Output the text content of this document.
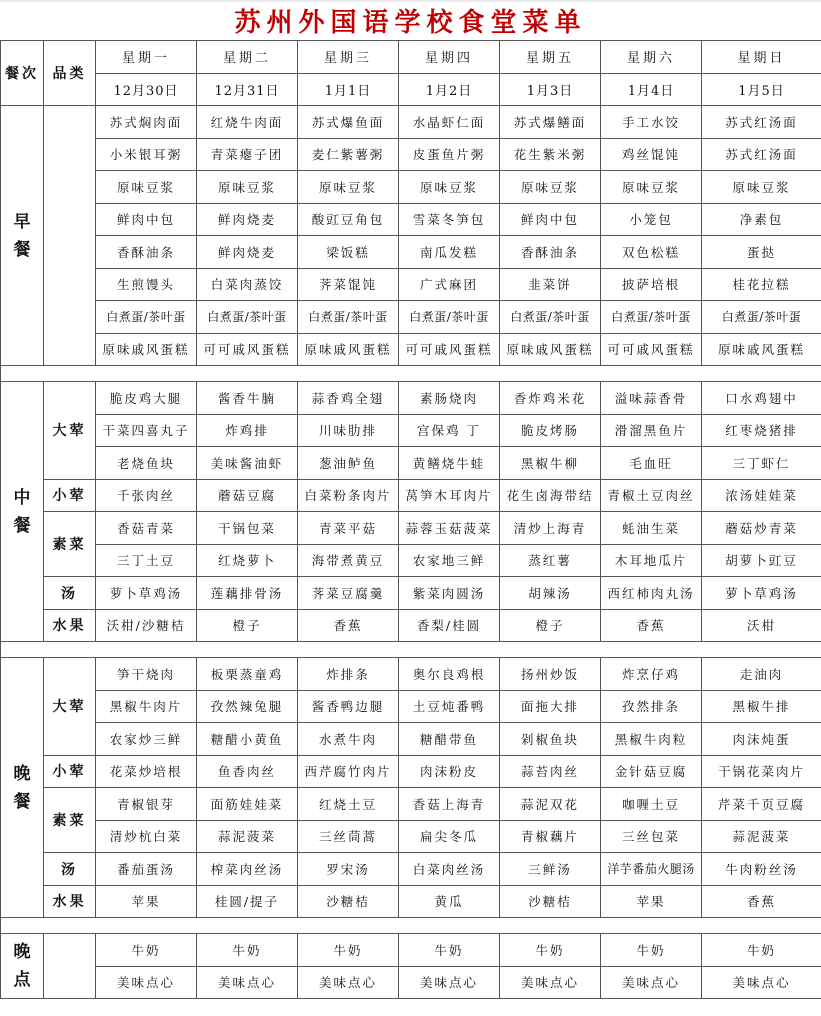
苏州外国语学校食堂菜单
餐次	品类	星期一	星期二	星期三	星期四	星期五	星期六	星期日
		12月30日	12月31日	1月1日	1月2日	1月3日	1月4日	1月5日
早
餐		苏式焖肉面	红烧牛肉面	苏式爆鱼面	水晶虾仁面	苏式爆鳝面	手工水饺	苏式红汤面
		小米银耳粥	青菜瘪子团	麦仁紫薯粥	皮蛋鱼片粥	花生紫米粥	鸡丝馄饨	苏式红汤面
		原味豆浆	原味豆浆	原味豆浆	原味豆浆	原味豆浆	原味豆浆	原味豆浆
		鲜肉中包	鲜肉烧麦	酸豇豆角包	雪菜冬笋包	鲜肉中包	小笼包	净素包
		香酥油条	鲜肉烧麦	梁饭糕	南瓜发糕	香酥油条	双色松糕	蛋挞
		生煎馒头	白菜肉蒸饺	荠菜馄饨	广式麻团	韭菜饼	披萨培根	桂花拉糕
		白煮蛋/茶叶蛋	白煮蛋/茶叶蛋	白煮蛋/茶叶蛋	白煮蛋/茶叶蛋	白煮蛋/茶叶蛋	白煮蛋/茶叶蛋	白煮蛋/茶叶蛋
		原味戚风蛋糕	可可戚风蛋糕	原味戚风蛋糕	可可戚风蛋糕	原味戚风蛋糕	可可戚风蛋糕	原味戚风蛋糕

中
餐	大荤	脆皮鸡大腿	酱香牛腩	蒜香鸡全翅	素肠烧肉	香炸鸡米花	溢味蒜香骨	口水鸡翅中
		干菜四喜丸子	炸鸡排	川味肋排	宫保鸡 丁	脆皮烤肠	滑溜黑鱼片	红枣烧猪排
		老烧鱼块	美味酱油虾	葱油鲈鱼	黄鳝烧牛蛙	黑椒牛柳	毛血旺	三丁虾仁
	小荤	千张肉丝	蘑菇豆腐	白菜粉条肉片	莴笋木耳肉片	花生卤海带结	青椒土豆肉丝	浓汤娃娃菜
	素菜	香菇青菜	干锅包菜	青菜平菇	蒜蓉玉菇菠菜	清炒上海青	蚝油生菜	蘑菇炒青菜
		三丁土豆	红烧萝卜	海带煮黄豆	农家地三鲜	蒸红薯	木耳地瓜片	胡萝卜豇豆
	汤	萝卜草鸡汤	莲藕排骨汤	荠菜豆腐羹	紫菜肉圆汤	胡辣汤	西红柿肉丸汤	萝卜草鸡汤
	水果	沃柑/沙糖桔	橙子	香蕉	香梨/桂圆	橙子	香蕉	沃柑

晚
餐	大荤	笋干烧肉	板栗蒸童鸡	炸排条	奥尔良鸡根	扬州炒饭	炸烹仔鸡	走油肉
		黑椒牛肉片	孜然辣兔腿	酱香鸭边腿	土豆炖番鸭	面拖大排	孜然排条	黑椒牛排
		农家炒三鲜	糖醋小黄鱼	水煮牛肉	糖醋带鱼	剁椒鱼块	黑椒牛肉粒	肉沫炖蛋
	小荤	花菜炒培根	鱼香肉丝	西芹腐竹肉片	肉沫粉皮	蒜苔肉丝	金针菇豆腐	干锅花菜肉片
	素菜	青椒银芽	面筋娃娃菜	红烧土豆	香菇上海青	蒜泥双花	咖喱土豆	芹菜千页豆腐
		清炒杭白菜	蒜泥菠菜	三丝茼蒿	扁尖冬瓜	青椒藕片	三丝包菜	蒜泥菠菜
	汤	番茄蛋汤	榨菜肉丝汤	罗宋汤	白菜肉丝汤	三鲜汤	洋芋番茄火腿汤	牛肉粉丝汤
	水果	苹果	桂圆/提子	沙糖桔	黄瓜	沙糖桔	苹果	香蕉

晚
点		牛奶	牛奶	牛奶	牛奶	牛奶	牛奶	牛奶
		美味点心	美味点心	美味点心	美味点心	美味点心	美味点心	美味点心
